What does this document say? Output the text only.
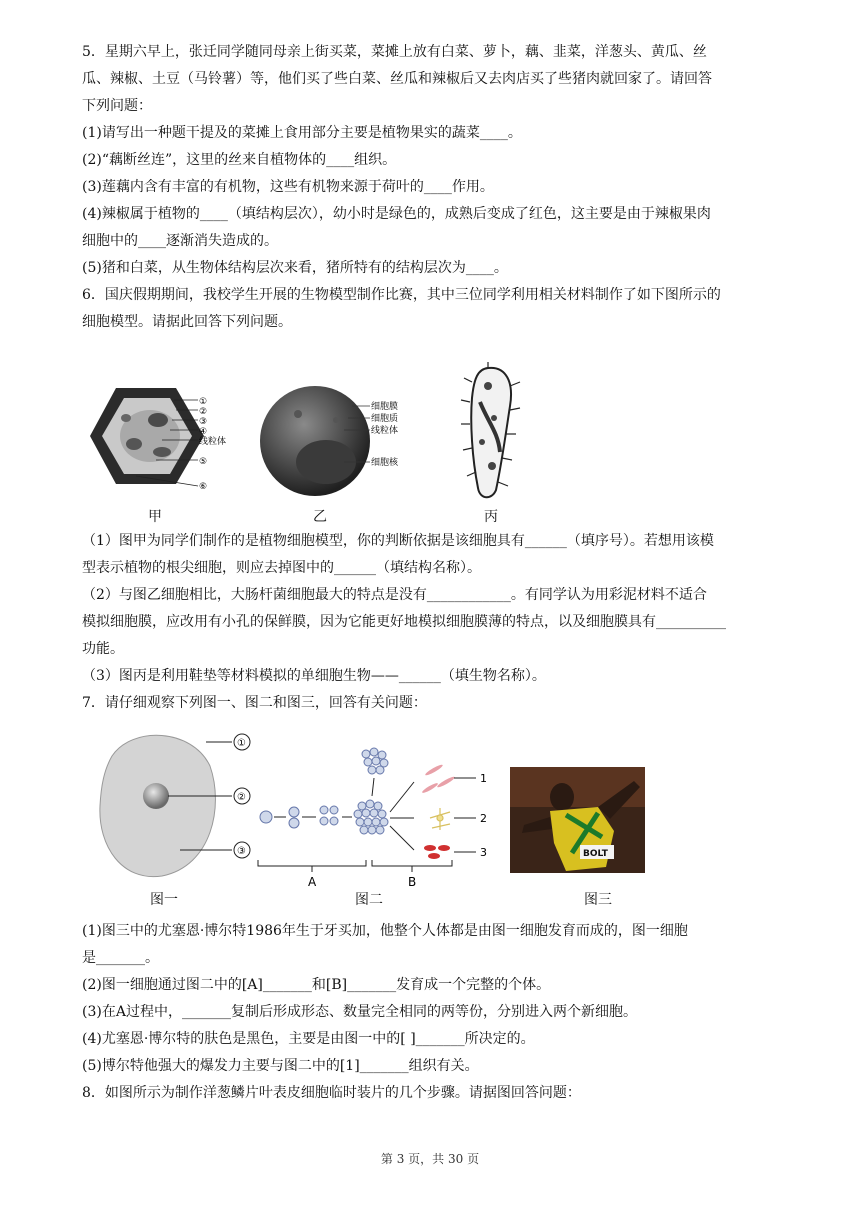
5．星期六早上，张迁同学随同母亲上街买菜，菜摊上放有白菜、萝卜，藕、韭菜，洋葱头、黄瓜、丝
瓜、辣椒、土豆（马铃薯）等，他们买了些白菜、丝瓜和辣椒后又去肉店买了些猪肉就回家了。请回答
下列问题：
(1)请写出一种题干提及的菜摊上食用部分主要是植物果实的蔬菜____。
(2)“藕断丝连”，这里的丝来自植物体的____组织。
(3)莲藕内含有丰富的有机物，这些有机物来源于荷叶的____作用。
(4)辣椒属于植物的____（填结构层次），幼小时是绿色的，成熟后变成了红色，这主要是由于辣椒果肉
细胞中的____逐渐消失造成的。
(5)猪和白菜，从生物体结构层次来看，猪所特有的结构层次为____。
6．国庆假期期间，我校学生开展的生物模型制作比赛，其中三位同学利用相关材料制作了如下图所示的
细胞模型。请据此回答下列问题。
①
②
③
④
线粒体
⑤
⑥
甲
细胞膜
细胞质
线粒体
细胞核
乙	丙
（1）图甲为同学们制作的是植物细胞模型，你的判断依据是该细胞具有______（填序号）。若想用该模
型表示植物的根尖细胞，则应去掉图中的______（填结构名称）。
（2）与图乙细胞相比，大肠杆菌细胞最大的特点是没有____________。有同学认为用彩泥材料不适合
模拟细胞膜，应改用有小孔的保鲜膜，因为它能更好地模拟细胞膜薄的特点，以及细胞膜具有__________
功能。
（3）图丙是利用鞋垫等材料模拟的单细胞生物——______（填生物名称）。
7．请仔细观察下列图一、图二和图三，回答有关问题：
①
②
③
图一
1
2
3
A	B
图二
BOLT
图三
(1)图三中的尤塞恩·博尔特1986年生于牙买加，他整个人体都是由图一细胞发育而成的，图一细胞
是_______。
(2)图一细胞通过图二中的[A]_______和[B]_______发育成一个完整的个体。
(3)在A过程中，_______复制后形成形态、数量完全相同的两等份，分别进入两个新细胞。
(4)尤塞恩·博尔特的肤色是黑色，主要是由图一中的[ ]_______所决定的。
(5)博尔特他强大的爆发力主要与图二中的[1]_______组织有关。
8．如图所示为制作洋葱鳞片叶表皮细胞临时装片的几个步骤。请据图回答问题：
第 3 页，共 30 页
